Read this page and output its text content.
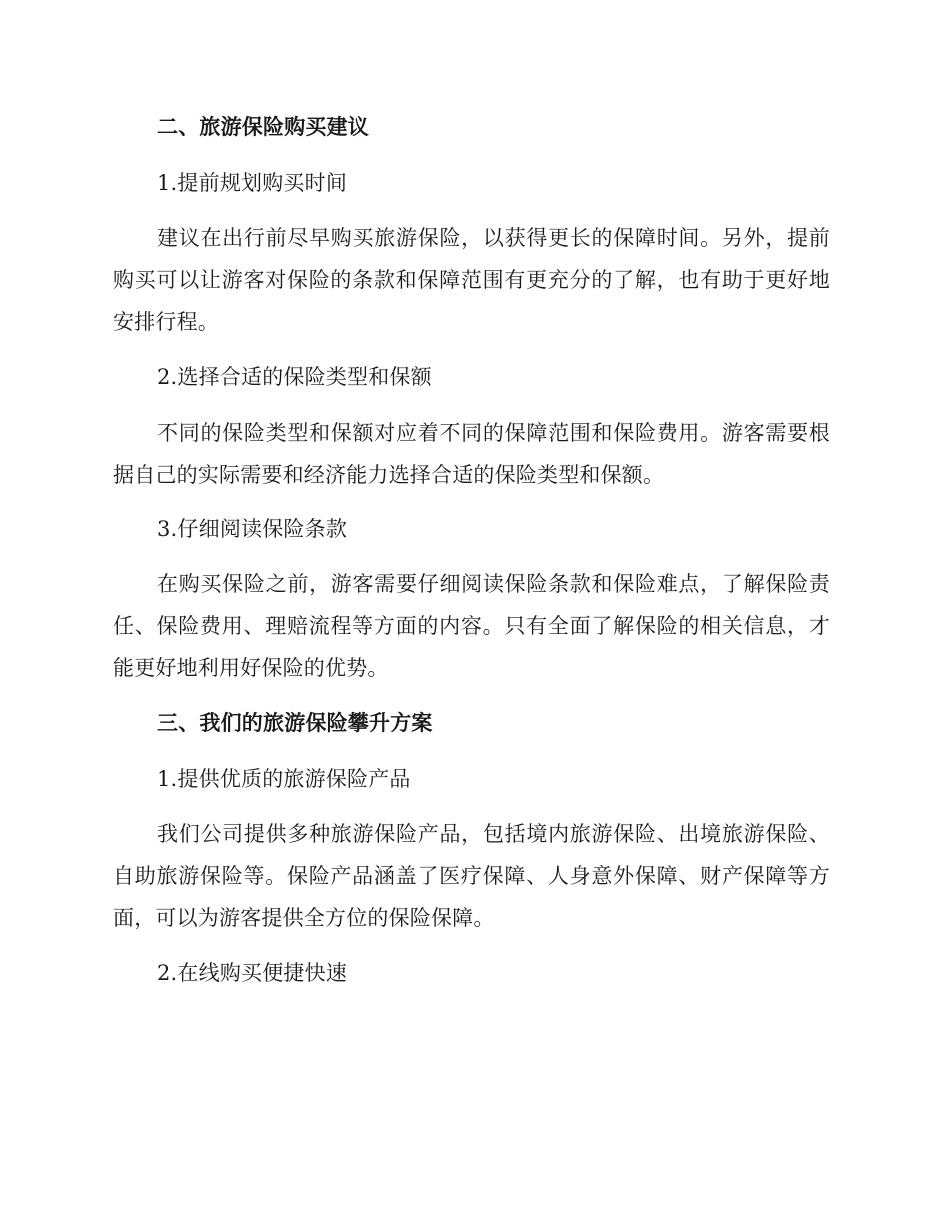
二、旅游保险购买建议
1.提前规划购买时间
建议在出行前尽早购买旅游保险，以获得更长的保障时间。另外，提前
购买可以让游客对保险的条款和保障范围有更充分的了解，也有助于更好地
安排行程。
2.选择合适的保险类型和保额
不同的保险类型和保额对应着不同的保障范围和保险费用。游客需要根
据自己的实际需要和经济能力选择合适的保险类型和保额。
3.仔细阅读保险条款
在购买保险之前，游客需要仔细阅读保险条款和保险难点，了解保险责
任、保险费用、理赔流程等方面的内容。只有全面了解保险的相关信息，才
能更好地利用好保险的优势。
三、我们的旅游保险攀升方案
1.提供优质的旅游保险产品
我们公司提供多种旅游保险产品，包括境内旅游保险、出境旅游保险、
自助旅游保险等。保险产品涵盖了医疗保障、人身意外保障、财产保障等方
面，可以为游客提供全方位的保险保障。
2.在线购买便捷快速
